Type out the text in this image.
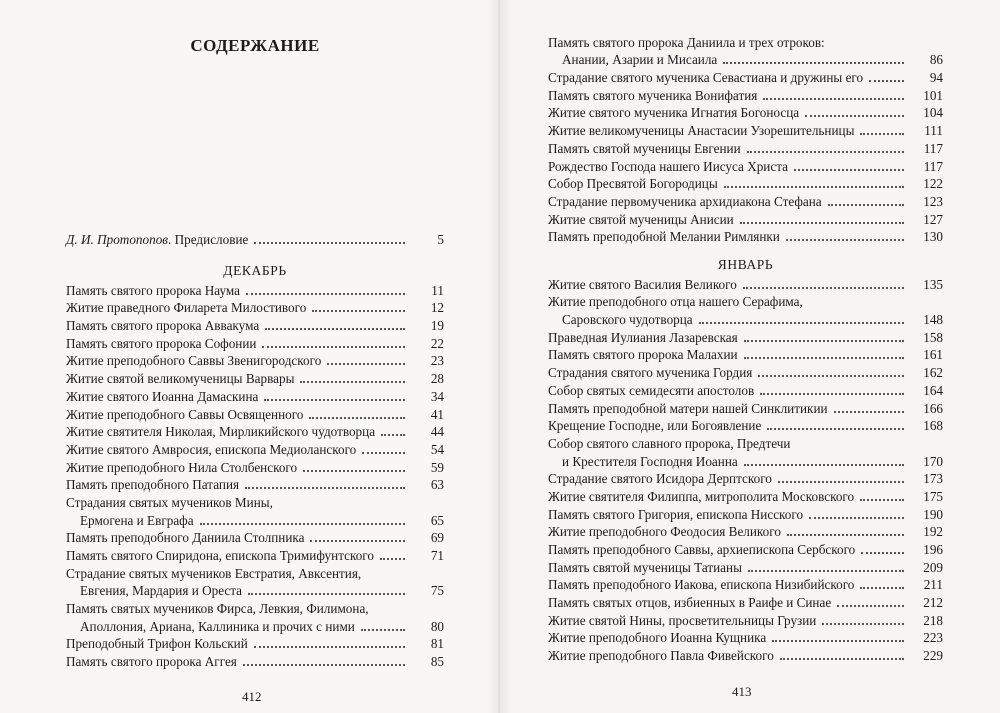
СОДЕРЖАНИЕ
Д. И. Протопопов. Предисловие	5
ДЕКАБРЬ
Память святого пророка Наума	11
Житие праведного Филарета Милостивого	12
Память святого пророка Аввакума	19
Память святого пророка Софонии	22
Житие преподобного Саввы Звенигородского	23
Житие святой великомученицы Варвары	28
Житие святого Иоанна Дамаскина	34
Житие преподобного Саввы Освященного	41
Житие святителя Николая, Мирликийского чудотворца	44
Житие святого Амвросия, епископа Медиоланского	54
Житие преподобного Нила Столбенского	59
Память преподобного Патапия	63
Страдания святых мучеников Мины,
Ермогена и Евграфа	65
Память преподобного Даниила Столпника	69
Память святого Спиридона, епископа Тримифунтского	71
Страдание святых мучеников Евстратия, Авксентия,
Евгения, Мардария и Ореста	75
Память святых мучеников Фирса, Левкия, Филимона,
Аполлония, Ариана, Каллиника и прочих с ними	80
Преподобный Трифон Кольский	81
Память святого пророка Аггея	85
412
Память святого пророка Даниила и трех отроков:
Анании, Азарии и Мисаила	86
Страдание святого мученика Севастиана и дружины его	94
Память святого мученика Вонифатия	101
Житие святого мученика Игнатия Богоносца	104
Житие великомученицы Анастасии Узорешительницы	111
Память святой мученицы Евгении	117
Рождество Господа нашего Иисуса Христа	117
Собор Пресвятой Богородицы	122
Страдание первомученика архидиакона Стефана	123
Житие святой мученицы Анисии	127
Память преподобной Мелании Римлянки	130
ЯНВАРЬ
Житие святого Василия Великого	135
Житие преподобного отца нашего Серафима,
Саровского чудотворца	148
Праведная Иулиания Лазаревская	158
Память святого пророка Малахии	161
Страдания святого мученика Гордия	162
Собор святых семидесяти апостолов	164
Память преподобной матери нашей Синклитикии	166
Крещение Господне, или Богоявление	168
Собор святого славного пророка, Предтечи
и Крестителя Господня Иоанна	170
Страдание святого Исидора Дерптского	173
Житие святителя Филиппа, митрополита Московского	175
Память святого Григория, епископа Нисского	190
Житие преподобного Феодосия Великого	192
Память преподобного Саввы, архиепископа Сербского	196
Память святой мученицы Татианы	209
Память преподобного Иакова, епископа Низибийского	211
Память святых отцов, избиенных в Раифе и Синае	212
Житие святой Нины, просветительницы Грузии	218
Житие преподобного Иоанна Кущника	223
Житие преподобного Павла Фивейского	229
413
